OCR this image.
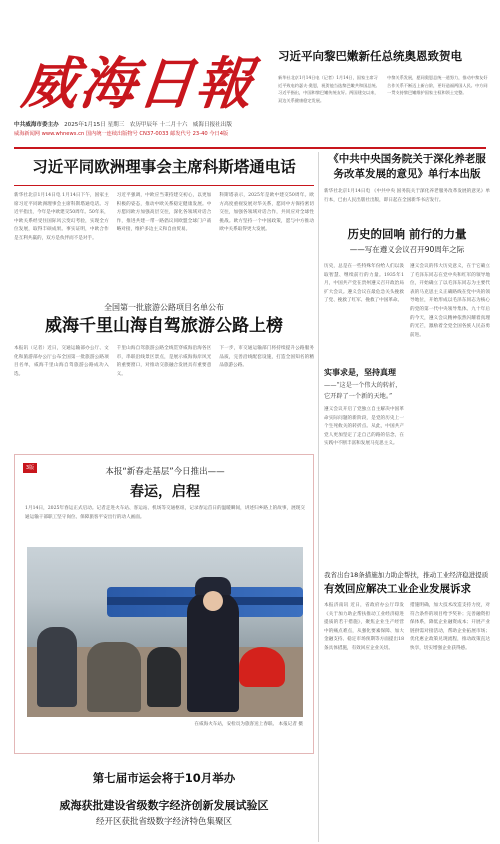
威海日報	习近平向黎巴嫩新任总统奥恩致贺电
新华社北京1月14日电（记者）1月14日，国家主席习近平致电约瑟夫·奥恩，祝贺他当选黎巴嫩共和国总统。习近平指出，中国和黎巴嫩传统友好。两国建交以来，双边关系健康稳定发展。
中黎关系发展，愿同奥恩总统一道努力，推动中黎友好合作关系不断迈上新台阶，更好造福两国人民。中方同一贯支持黎巴嫩维护国家主权和领土完整。
中共威海市委主办 2025年1月15日 星期三 农历甲辰年 十二月十六 威海日报社出版
威海新闻网 www.whnews.cn 国内统一连续出版物号 CN37-0033 邮发代号 23-40 今日4版
习近平同欧洲理事会主席科斯塔通电话
新华社北京1月14日电 1月14日下午，国家主席习近平同欧洲理事会主席科斯塔通电话。习近平指出，今年是中欧建交50周年。50年来，中欧关系经受住国际风云变幻考验，实现全方位发展，取得丰硕成果。事实证明，中欧合作是互利共赢的，双方是伙伴而不是对手。
习近平强调，中欧应当秉持建交初心，以更加积极的姿态，推动中欧关系稳定健康发展。中方愿同欧方加强高层交往，深化各领域对话合作，推进共建一带一路倡议同欧盟全球门户战略对接，维护多边主义和自由贸易。
科斯塔表示，2025年是欧中建交50周年。欧方高度重视发展对华关系，愿同中方保持密切交往，加强各领域对话合作，共同应对全球性挑战。欧方坚持一个中国政策，愿与中方推动欧中关系取得更大发展。
全国第一批旅游公路项目名单公布
威海千里山海自驾旅游公路上榜
本报讯（记者）近日，交通运输部办公厅、文化和旅游部办公厅公布全国第一批旅游公路项目名单，威海千里山海自驾旅游公路成功入选。
千里山海自驾旅游公路全线贯穿威海沿海各区市，串联沿线景区景点，是展示威海海岸风光的重要窗口，对推动交旅融合发展具有重要意义。
下一步，市交通运输部门将持续提升公路服务品质，完善沿线配套设施，打造全国知名的精品旅游公路。
3版	本报“新春走基层”今日推出——
春运，启程
1月14日，2025年春运正式启动。记者走进火车站、客运站、机场等交通枢纽，记录春运首日的温暖瞬间，讲述归乡路上的故事，展现交通运输干部职工坚守岗位、保障旅客平安出行的动人画面。
在威海火车站，安检员为旅客送上春联。 本报记者 摄
第七届市运会将于10月举办
威海获批建设省级数字经济创新发展试验区
经开区获批省级数字经济特色集聚区
《中共中央国务院关于深化养老服务改革发展的意见》单行本出版
新华社北京1月14日电 《中共中央 国务院关于深化养老服务改革发展的意见》单行本，已由人民出版社出版，即日起在全国新华书店发行。
历史的回响 前行的力量
——写在遵义会议召开90周年之际
历史，总是在一些特殊年份给人们以汲取智慧、继续前行的力量。1935年1月，中国共产党在贵州遵义召开政治局扩大会议。遵义会议在最危急关头挽救了党、挽救了红军、挽救了中国革命。
实事求是，坚持真理
——“这是一个伟大的转折，它开辟了一个新的天地。”
遵义会议开启了党独立自主解决中国革命实际问题的新阶段，是党的历史上一个生死攸关的转折点。从此，中国共产党人更加坚定了走自己的路的信念，在实践中不断丰富和发展马克思主义。
遵义会议的伟大历史意义，在于它确立了毛泽东同志在党中央和红军的领导地位，开始确立了以毛泽东同志为主要代表的马克思主义正确路线在党中央的领导地位，开始形成以毛泽东同志为核心的党的第一代中央领导集体。九十年后的今天，遵义会议精神依然闪耀着真理的光芒，激励着全党全国各族人民奋勇前进。
我省出台18条措施加力助企帮扶，推动工业经济稳进提质
有效回应解决工业企业发展诉求
本报济南讯 近日，省政府办公厅印发《关于加力助企帮扶推动工业经济稳进提质的若干措施》，聚焦企业生产经营中的痛点难点，从强化要素保障、加大金融支持、稳定市场预期等方面提出18条具体措施，有效回应企业关切。
措施明确，加大技术改造支持力度，对符合条件的项目给予奖补；完善融资担保体系，降低企业融资成本；开展产业链供需对接活动，帮助企业拓展市场；优化惠企政策兑现流程，推动政策直达快享，切实增强企业获得感。
